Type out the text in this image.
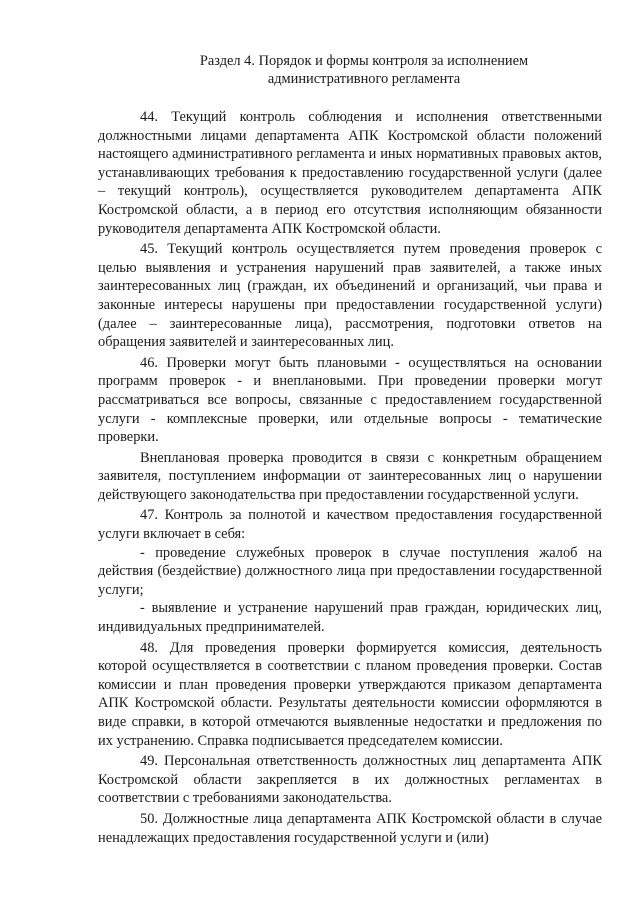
Раздел 4. Порядок и формы контроля за исполнением
административного регламента

44. Текущий контроль соблюдения и исполнения ответственными должностными лицами департамента АПК Костромской области положений настоящего административного регламента и иных нормативных правовых актов, устанавливающих требования к предоставлению государственной услуги (далее – текущий контроль), осуществляется руководителем департамента АПК Костромской области, а в период его отсутствия исполняющим обязанности руководителя департамента АПК Костромской области.

45. Текущий контроль осуществляется путем проведения проверок с целью выявления и устранения нарушений прав заявителей, а также иных заинтересованных лиц (граждан, их объединений и организаций, чьи права и законные интересы нарушены при предоставлении государственной услуги) (далее – заинтересованные лица), рассмотрения, подготовки ответов на обращения заявителей и заинтересованных лиц.

46. Проверки могут быть плановыми - осуществляться на основании программ проверок - и внеплановыми. При проведении проверки могут рассматриваться все вопросы, связанные с предоставлением государственной услуги - комплексные проверки, или отдельные вопросы - тематические проверки.

Внеплановая проверка проводится в связи с конкретным обращением заявителя, поступлением информации от заинтересованных лиц о нарушении действующего законодательства при предоставлении государственной услуги.

47. Контроль за полнотой и качеством предоставления государственной услуги включает в себя:

- проведение служебных проверок в случае поступления жалоб на действия (бездействие) должностного лица при предоставлении государственной услуги;

- выявление и устранение нарушений прав граждан, юридических лиц, индивидуальных предпринимателей.

48. Для проведения проверки формируется комиссия, деятельность которой осуществляется в соответствии с планом проведения проверки. Состав комиссии и план проведения проверки утверждаются приказом департамента АПК Костромской области. Результаты деятельности комиссии оформляются в виде справки, в которой отмечаются выявленные недостатки и предложения по их устранению. Справка подписывается председателем комиссии.

49. Персональная ответственность должностных лиц департамента АПК Костромской области закрепляется в их должностных регламентах в соответствии с требованиями законодательства.

50. Должностные лица департамента АПК Костромской области в случае ненадлежащих предоставления государственной услуги и (или)
